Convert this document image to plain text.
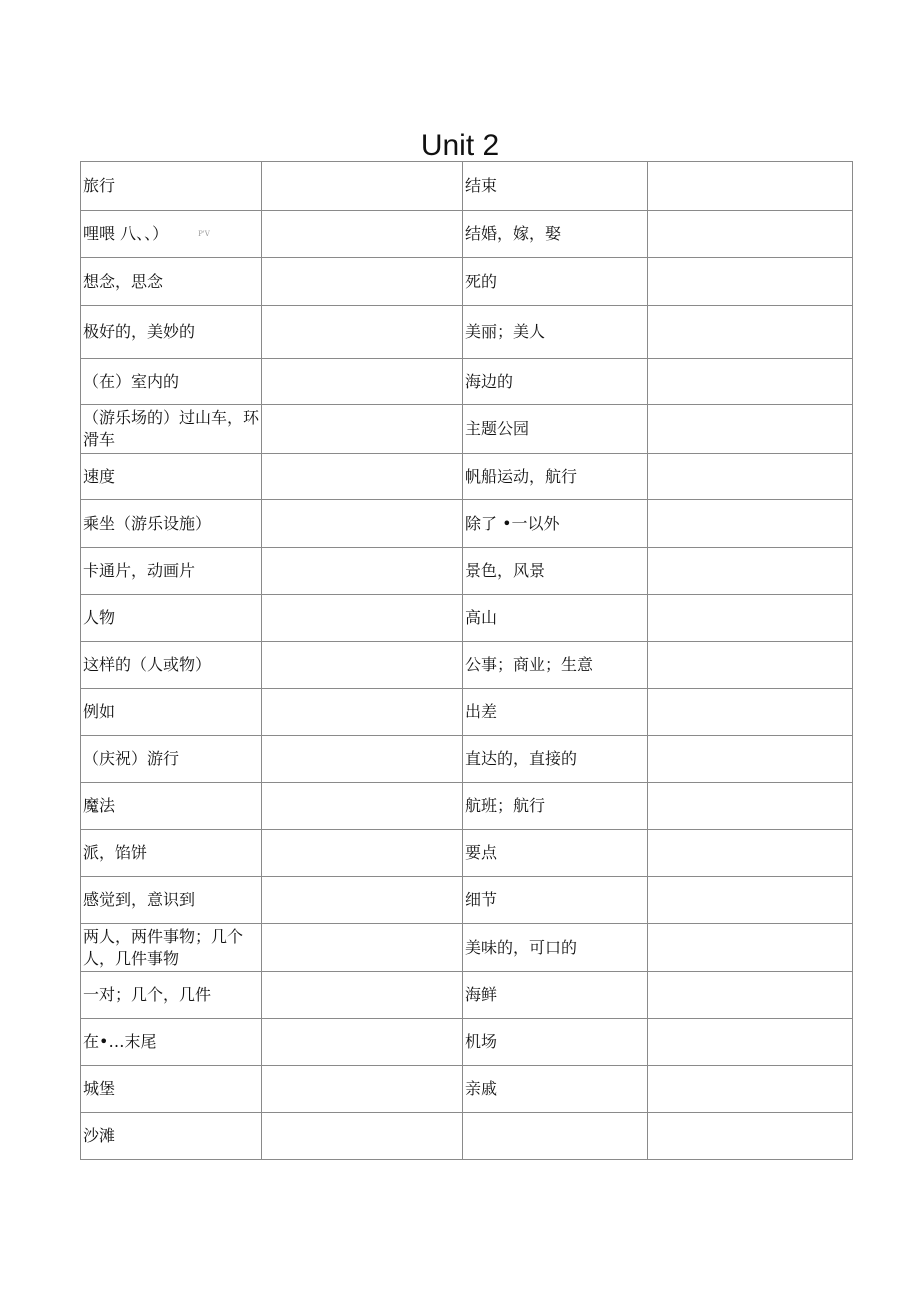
Unit 2
旅行		结束	
哩喂 八、、） P'V		结婚，嫁，娶	
想念，思念		死的	
极好的，美妙的		美丽；美人	
（在）室内的		海边的	
（游乐场的）过山车，环滑车		主题公园	
速度		帆船运动，航行	
乘坐（游乐设施）		除了 •一以外	
卡通片，动画片		景色，风景	
人物		高山	
这样的（人或物）		公事；商业；生意	
例如		出差	
（庆祝）游行		直达的，直接的	
魔法		航班；航行	
派，馅饼		要点	
感觉到，意识到		细节	
两人，两件事物；几个人，几件事物		美味的，可口的	
一对；几个，几件		海鲜	
在•…末尾		机场	
城堡		亲戚	
沙滩			
